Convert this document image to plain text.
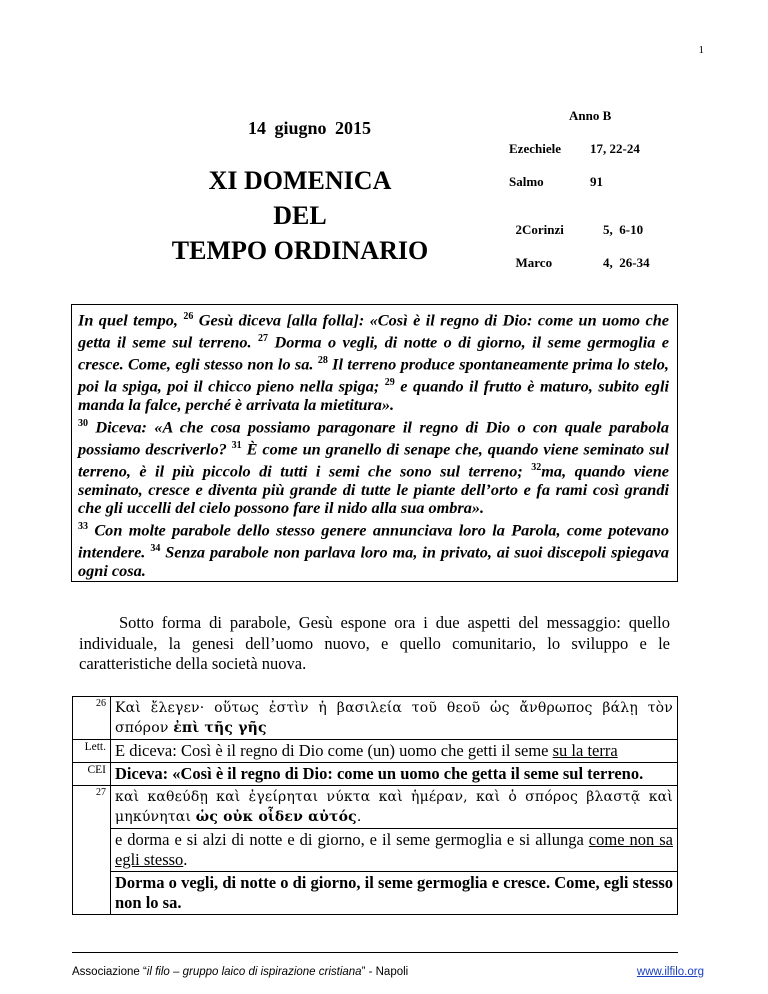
1
14 giugno 2015
XI DOMENICA
DEL
TEMPO ORDINARIO
Anno B
Ezechiele 17, 22-24
Salmo	91

2Corinzi	5,  6-10

Marco	4,  26-34

In quel tempo, $^{26}$ Gesù diceva [alla folla]: «Così è il regno di Dio: come un uomo che getta il seme sul terreno. $^{27}$ Dorma o vegli, di notte o di giorno, il seme germoglia e cresce. Come, egli stesso non lo sa. $^{28}$ Il terreno produce spontaneamente prima lo stelo, poi la spiga, poi il chicco pieno nella spiga; $^{29}$ e quando il frutto è maturo, subito egli manda la falce, perché è arrivata la mietitura».
$^{30}$ Diceva: «A che cosa possiamo paragonare il regno di Dio o con quale parabola possiamo descriverlo? $^{31}$ È come un granello di senape che, quando viene seminato sul terreno, è il più piccolo di tutti i semi che sono sul terreno; $^{32}$ma, quando viene seminato, cresce e diventa più grande di tutte le piante dell’orto e fa rami così grandi che gli uccelli del cielo possono fare il nido alla sua ombra».
$^{33}$ Con molte parabole dello stesso genere annunciava loro la Parola, come potevano intendere. $^{34}$ Senza parabole non parlava loro ma, in privato, ai suoi discepoli spiegava ogni cosa.
Sotto forma di parabole, Gesù espone ora i due aspetti del messaggio: quello individuale, la genesi dell’uomo nuovo, e quello comunitario, lo sviluppo e le caratteristiche della società nuova.
$^{26}$	Καὶ ἔλεγεν· οὕτως ἐστὶν ἡ βασιλεία τοῦ θεοῦ ὡς ἄνθρωπος βάλῃ τὸν σπόρον ἐπὶ τῆς γῆς
Lett.	E diceva: Così è il regno di Dio come (un) uomo che getti il seme su la terra
CEI	Diceva: «Così è il regno di Dio: come un uomo che getta il seme sul terreno.
$^{27}$	καὶ καθεύδῃ καὶ ἐγείρηται νύκτα καὶ ἡμέραν, καὶ ὁ σπόρος βλαστᾷ καὶ μηκύνηται ὡς οὐκ οἶδεν αὐτός.
	e dorma e si alzi di notte e di giorno, e il seme germoglia e si allunga come non sa egli stesso.
	Dorma o vegli, di notte o di giorno, il seme germoglia e cresce. Come, egli stesso non lo sa.
Associazione “il filo – gruppo laico di ispirazione cristiana” - Napoli	www.ilfilo.org
